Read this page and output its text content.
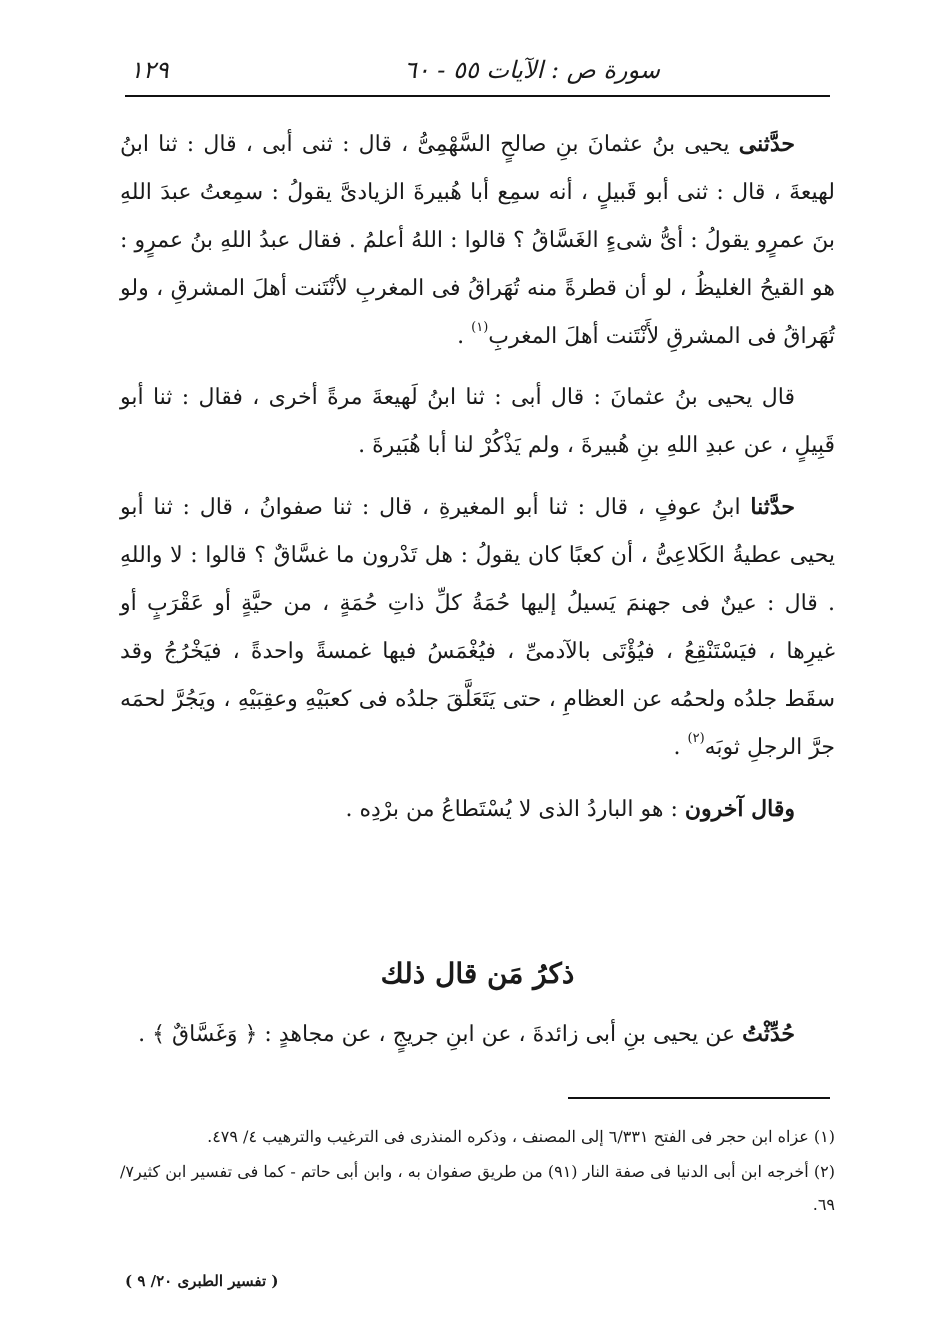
سورة ص : الآيات ٥٥ - ٦٠
١٢٩

حدَّثنى يحيى بنُ عثمانَ بنِ صالحٍ السَّهْمِىُّ ، قال : ثنى أبى ، قال : ثنا ابنُ لهيعةَ ، قال : ثنى أبو قَبيلٍ ، أنه سمِع أبا هُبيرةَ الزيادىَّ يقولُ : سمِعتُ عبدَ اللهِ بنَ عمرٍو يقولُ : أىُّ شىءٍ الغَسَّاقُ ؟ قالوا : اللهُ أعلمُ . فقال عبدُ اللهِ بنُ عمرٍو : هو القيحُ الغليظُ ، لو أن قطرةً منه تُهَراقُ فى المغربِ لأنْتَنت أهلَ المشرقِ ، ولو تُهَراقُ فى المشرقِ لأَنْتَنت أهلَ المغربِ$^{(١)}$ .

قال يحيى بنُ عثمانَ : قال أبى : ثنا ابنُ لَهيعةَ مرةً أخرى ، فقال : ثنا أبو قَبِيلٍ ، عن عبدِ اللهِ بنِ هُبيرةَ ، ولم يَذْكُرْ لنا أبا هُبَيرةَ .

حدَّثنا ابنُ عوفٍ ، قال : ثنا أبو المغيرةِ ، قال : ثنا صفوانُ ، قال : ثنا أبو يحيى عطيةُ الكَلاعِىُّ ، أن كعبًا كان يقولُ : هل تَدْرون ما غسَّاقٌ ؟ قالوا : لا واللهِ . قال : عينٌ فى جهنمَ يَسيلُ إليها حُمَةُ كلِّ ذاتِ حُمَةٍ ، من حيَّةٍ أو عَقْرَبٍ أو غيرِها ، فيَسْتَنْقِعُ ، فيُؤْتَى بالآدمىِّ ، فيُغْمَسُ فيها غمسةً واحدةً ، فيَخْرُجُ وقد سقَط جلدُه ولحمُه عن العظامِ ، حتى يَتَعَلَّقَ جلدُه فى كعبَيْهِ وعقِبَيْهِ ، ويَجُرَّ لحمَه جرَّ الرجلِ ثوبَه$^{(٢)}$ .

وقال آخرون : هو الباردُ الذى لا يُسْتَطاعُ من برْدِه .

ذكرُ مَن قال ذلك

حُدِّثْتُ عن يحيى بنِ أبى زائدةَ ، عن ابنِ جريجٍ ، عن مجاهدٍ : ﴿ وَغَسَّاقٌ ﴾ .

(١) عزاه ابن حجر فى الفتح ٦/٣٣١ إلى المصنف ، وذكره المنذرى فى الترغيب والترهيب ٤/ ٤٧٩.

(٢) أخرجه ابن أبى الدنيا فى صفة النار (٩١) من طريق صفوان به ، وابن أبى حاتم - كما فى تفسير ابن كثير٧/ ٦٩.

( تفسير الطبرى ٢٠/ ٩ )
